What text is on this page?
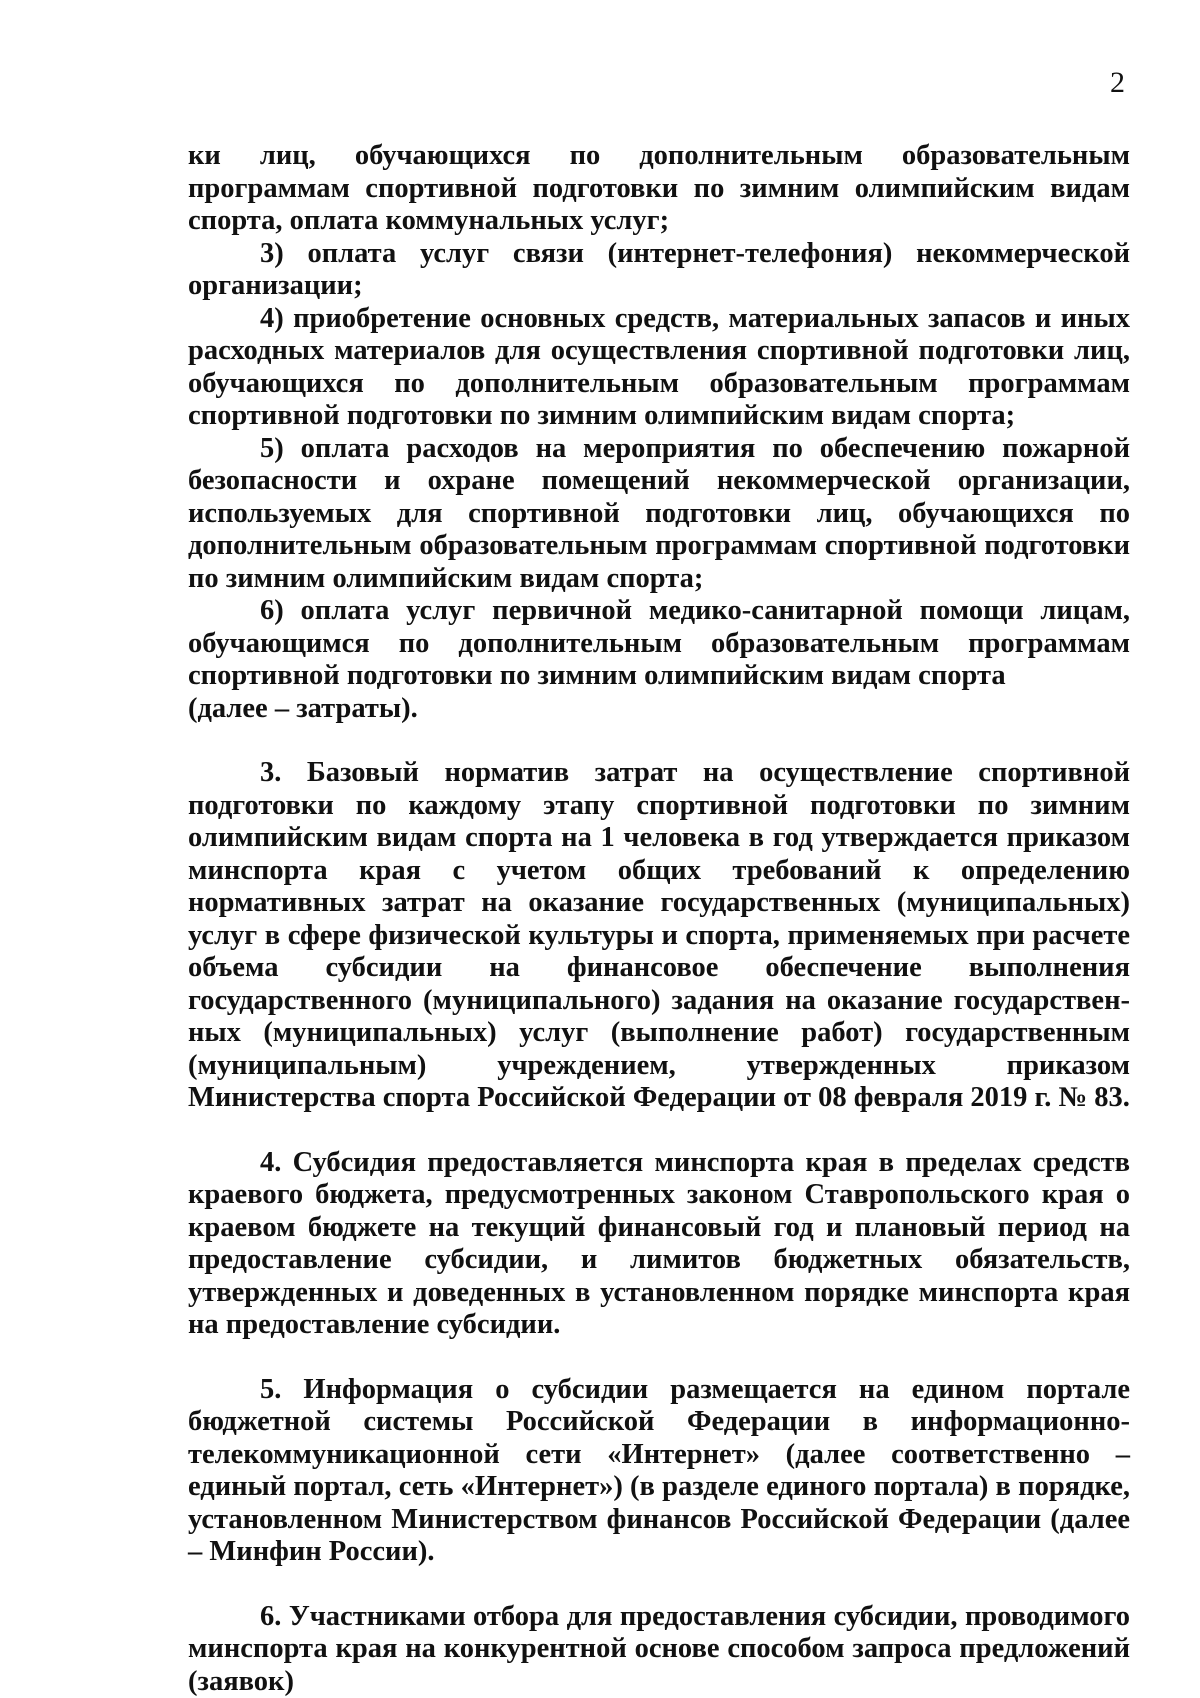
2

ки лиц, обучающихся по дополнительным образовательным программам спортивной подготовки по зимним олимпийским видам спорта, оплата коммунальных услуг;

3) оплата услуг связи (интернет-телефония) некоммерческой организации;

4) приобретение основных средств, материальных запасов и иных расходных материалов для осуществления спортивной подготовки лиц, обучающихся по дополнительным образовательным программам спортивной подготовки по зимним олимпийским видам спорта;

5) оплата расходов на мероприятия по обеспечению пожарной безопасности и охране помещений некоммерческой организации, используемых для спортивной подготовки лиц, обучающихся по дополнительным образовательным программам спортивной подготовки по зимним олимпийским видам спорта;

6) оплата услуг первичной медико-санитарной помощи лицам, обучающимся по дополнительным образовательным программам спортивной подготовки по зимним олимпийским видам спорта

(далее – затраты).

3. Базовый норматив затрат на осуществление спортивной подготовки по каждому этапу спортивной подготовки по зимним олимпийским видам спорта на 1 человека в год утверждается приказом минспорта края с учетом общих требований к определению нормативных затрат на оказание государственных (муниципальных) услуг в сфере физической культуры и спорта, применяемых при расчете объема субсидии на финансовое обеспечение выполнения государственного (муниципального) задания на оказание государственных (муниципальных) услуг (выполнение работ) государственным (муниципальным) учреждением, утвержденных приказом Министерства спорта Российской Федерации от 08 февраля 2019 г. № 83.

4. Субсидия предоставляется минспорта края в пределах средств краевого бюджета, предусмотренных законом Ставропольского края о краевом бюджете на текущий финансовый год и плановый период на предоставление субсидии, и лимитов бюджетных обязательств, утвержденных и доведенных в установленном порядке минспорта края на предоставление субсидии.

5. Информация о субсидии размещается на едином портале бюджетной системы Российской Федерации в информационно-телекоммуникационной сети «Интернет» (далее соответственно – единый портал, сеть «Интернет») (в разделе единого портала) в порядке, установленном Министерством финансов Российской Федерации (далее – Минфин России).

6. Участниками отбора для предоставления субсидии, проводимого минспорта края на конкурентной основе способом запроса предложений (заявок)
